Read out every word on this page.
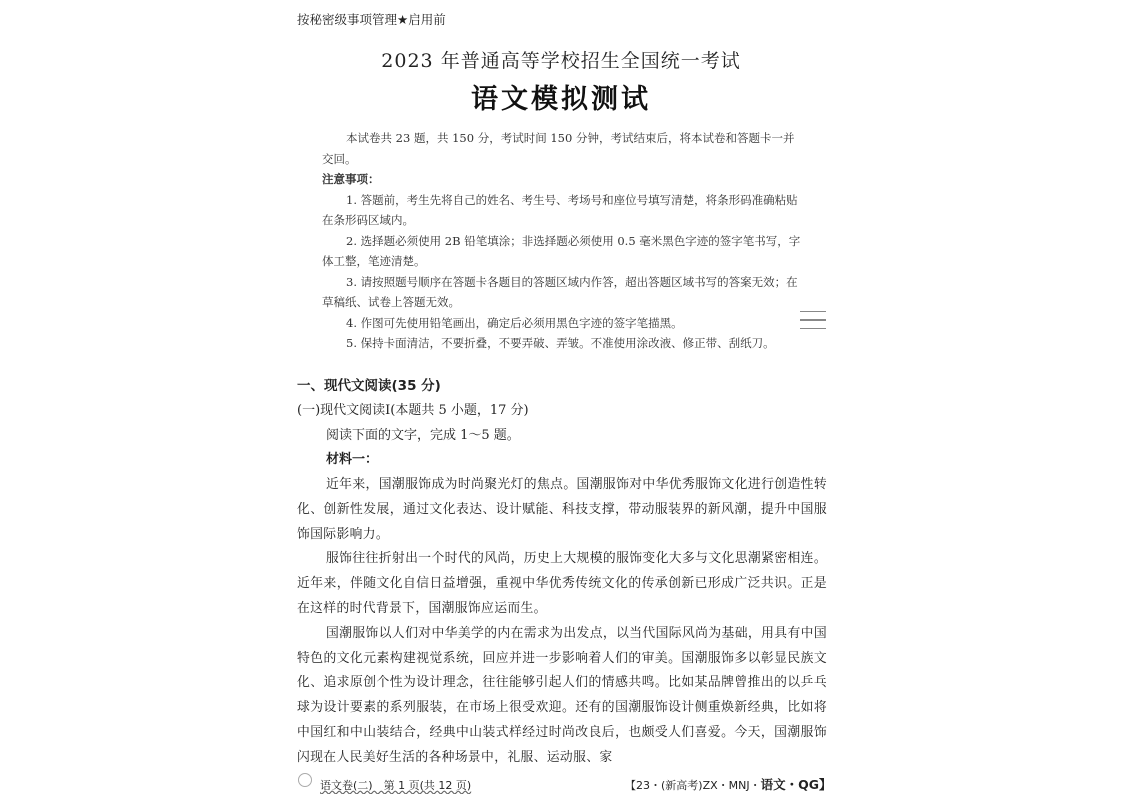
按秘密级事项管理★启用前
2023 年普通高等学校招生全国统一考试
语文模拟测试

本试卷共 23 题，共 150 分，考试时间 150 分钟，考试结束后，将本试卷和答题卡一并交回。

注意事项：

1. 答题前，考生先将自己的姓名、考生号、考场号和座位号填写清楚，将条形码准确粘贴在条形码区域内。

2. 选择题必须使用 2B 铅笔填涂；非选择题必须使用 0.5 毫米黑色字迹的签字笔书写，字体工整，笔迹清楚。

3. 请按照题号顺序在答题卡各题目的答题区域内作答，超出答题区域书写的答案无效；在草稿纸、试卷上答题无效。

4. 作图可先使用铅笔画出，确定后必须用黑色字迹的签字笔描黑。

5. 保持卡面清洁，不要折叠，不要弄破、弄皱。不准使用涂改液、修正带、刮纸刀。

一、现代文阅读(35 分)

(一)现代文阅读Ⅰ(本题共 5 小题，17 分)

阅读下面的文字，完成 1～5 题。

材料一：

近年来，国潮服饰成为时尚聚光灯的焦点。国潮服饰对中华优秀服饰文化进行创造性转化、创新性发展，通过文化表达、设计赋能、科技支撑，带动服装界的新风潮，提升中国服饰国际影响力。

服饰往往折射出一个时代的风尚，历史上大规模的服饰变化大多与文化思潮紧密相连。近年来，伴随文化自信日益增强，重视中华优秀传统文化的传承创新已形成广泛共识。正是在这样的时代背景下，国潮服饰应运而生。

国潮服饰以人们对中华美学的内在需求为出发点，以当代国际风尚为基础，用具有中国特色的文化元素构建视觉系统，回应并进一步影响着人们的审美。国潮服饰多以彰显民族文化、追求原创个性为设计理念，往往能够引起人们的情感共鸣。比如某品牌曾推出的以乒乓球为设计要素的系列服装，在市场上很受欢迎。还有的国潮服饰设计侧重焕新经典，比如将中国红和中山装结合，经典中山装式样经过时尚改良后，也颇受人们喜爱。今天，国潮服饰闪现在人民美好生活的各种场景中，礼服、运动服、家

语文卷(二)　第 1 页(共 12 页)	【23・(新高考)ZX・MNJ・语文・QG】
